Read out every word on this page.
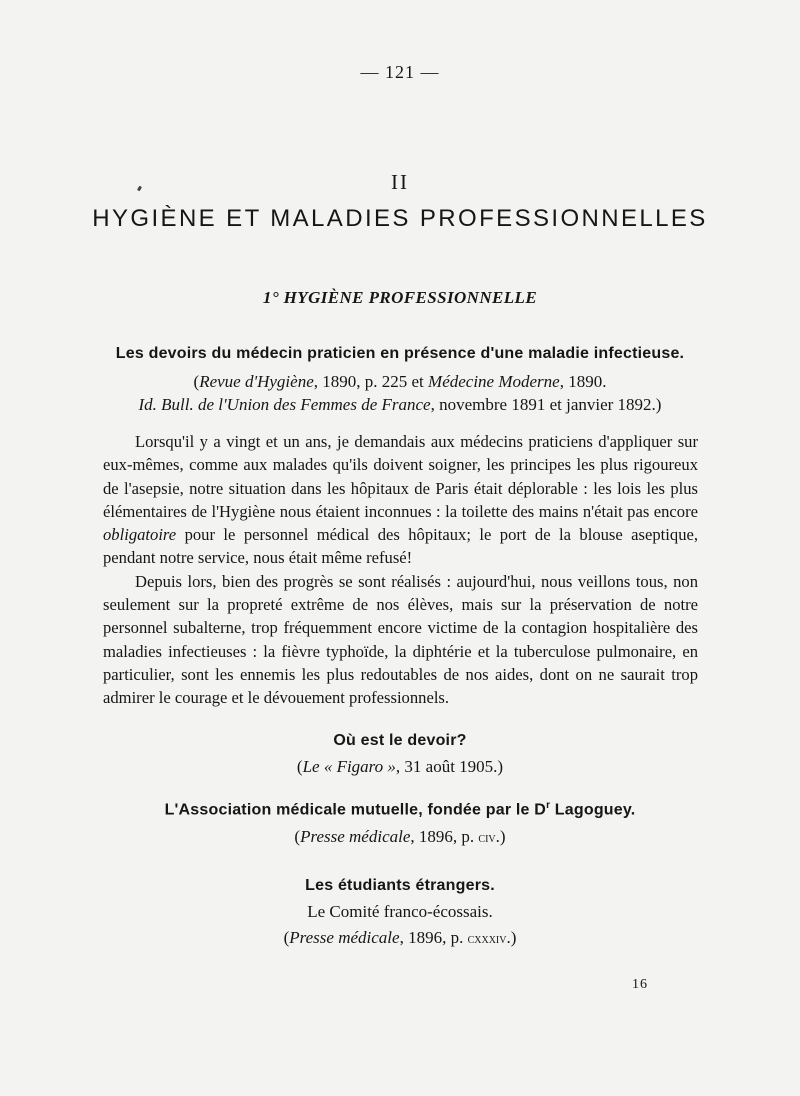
— 121 —
II
HYGIÈNE ET MALADIES PROFESSIONNELLES
1° HYGIÈNE PROFESSIONNELLE
Les devoirs du médecin praticien en présence d'une maladie infectieuse.
(Revue d'Hygiène, 1890, p. 225 et Médecine Moderne, 1890.
Id. Bull. de l'Union des Femmes de France, novembre 1891 et janvier 1892.)

Lorsqu'il y a vingt et un ans, je demandais aux médecins praticiens d'appliquer sur eux-mêmes, comme aux malades qu'ils doivent soigner, les principes les plus rigoureux de l'asepsie, notre situation dans les hôpitaux de Paris était déplorable : les lois les plus élémentaires de l'Hygiène nous étaient inconnues : la toilette des mains n'était pas encore obligatoire pour le personnel médical des hôpitaux; le port de la blouse aseptique, pendant notre service, nous était même refusé!

Depuis lors, bien des progrès se sont réalisés : aujourd'hui, nous veillons tous, non seulement sur la propreté extrême de nos élèves, mais sur la préservation de notre personnel subalterne, trop fréquemment encore victime de la contagion hospitalière des maladies infectieuses : la fièvre typhoïde, la diphtérie et la tuberculose pulmonaire, en particulier, sont les ennemis les plus redoutables de nos aides, dont on ne saurait trop admirer le courage et le dévouement professionnels.

Où est le devoir?
(Le « Figaro », 31 août 1905.)
L'Association médicale mutuelle, fondée par le $D^r$ Lagoguey.
(Presse médicale, 1896, p. civ.)
Les étudiants étrangers.
Le Comité franco-écossais.
(Presse médicale, 1896, p. cxxxiv.)
16
